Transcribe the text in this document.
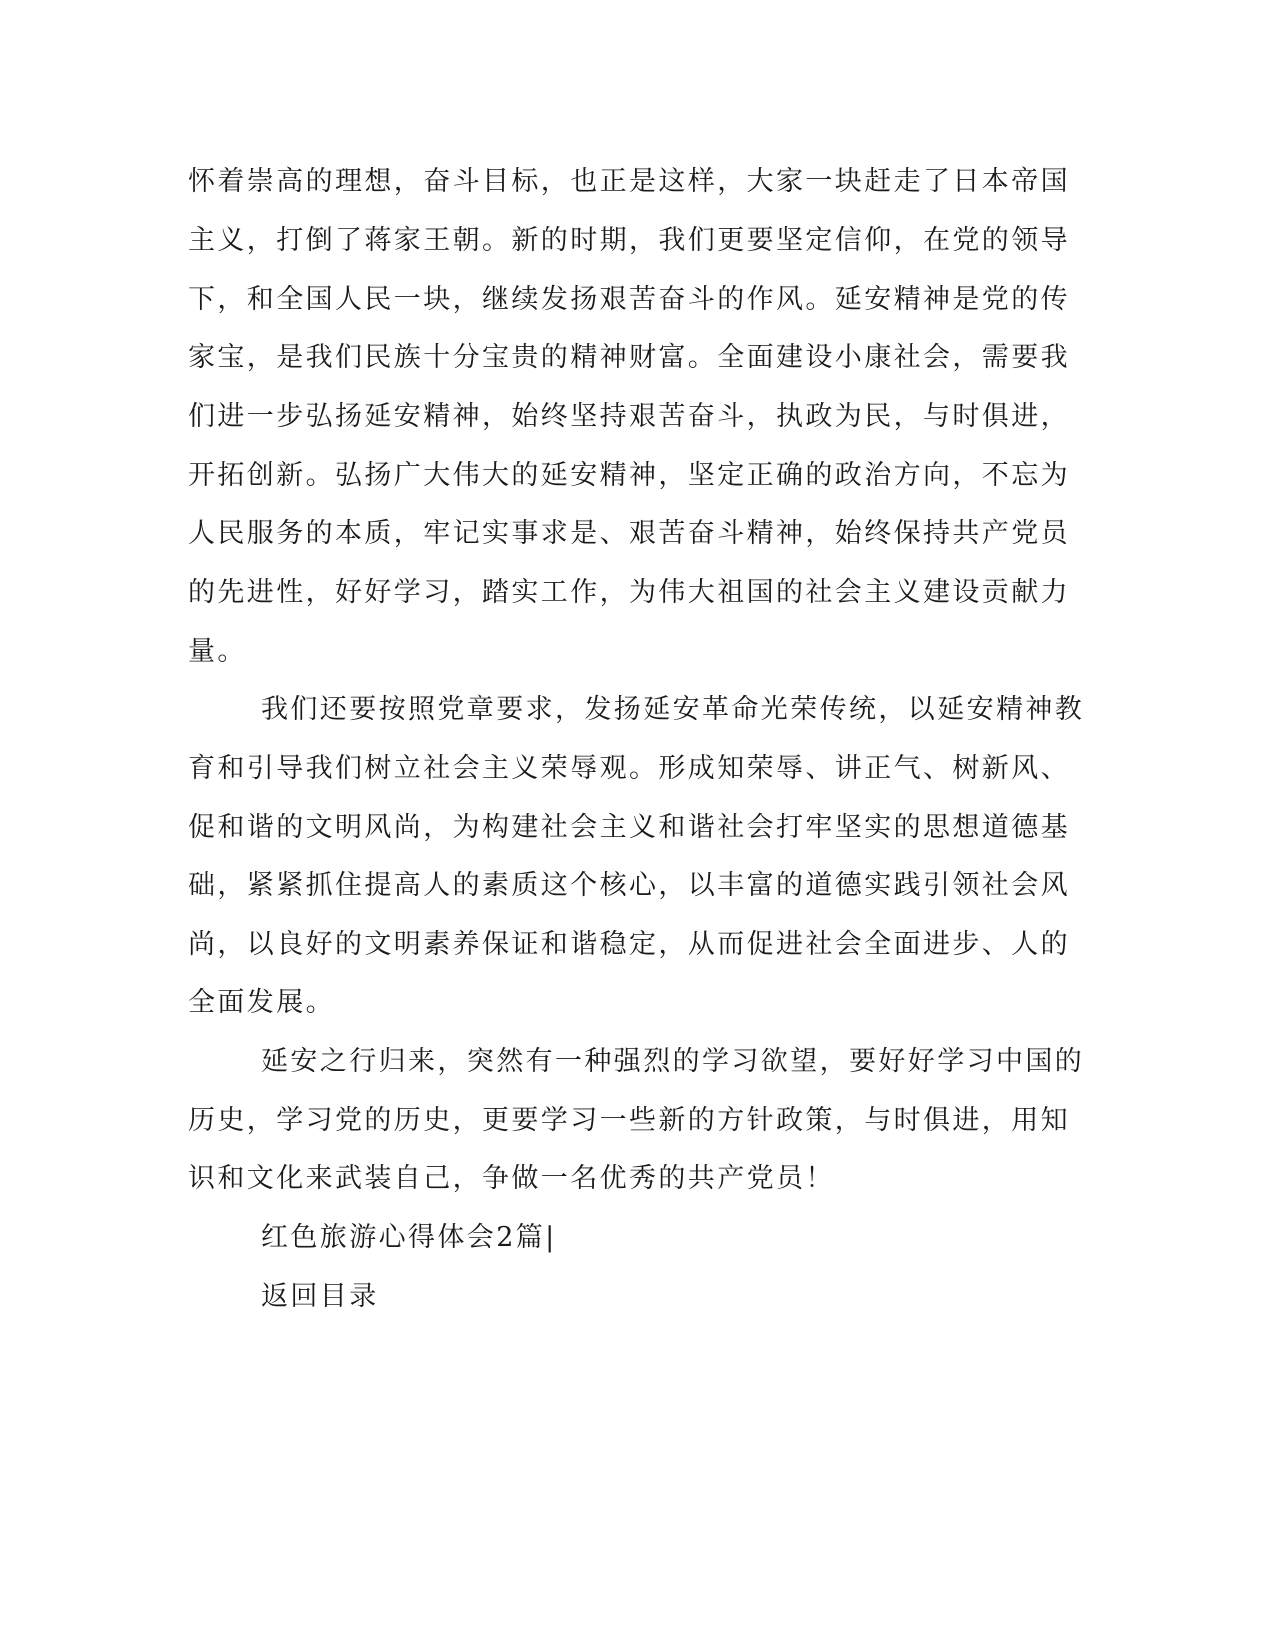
怀着崇高的理想，奋斗目标，也正是这样，大家一块赶走了日本帝国
主义，打倒了蒋家王朝。新的时期，我们更要坚定信仰，在党的领导
下，和全国人民一块，继续发扬艰苦奋斗的作风。延安精神是党的传
家宝，是我们民族十分宝贵的精神财富。全面建设小康社会，需要我
们进一步弘扬延安精神，始终坚持艰苦奋斗，执政为民，与时俱进，
开拓创新。弘扬广大伟大的延安精神，坚定正确的政治方向，不忘为
人民服务的本质，牢记实事求是、艰苦奋斗精神，始终保持共产党员
的先进性，好好学习，踏实工作，为伟大祖国的社会主义建设贡献力
量。
我们还要按照党章要求，发扬延安革命光荣传统，以延安精神教
育和引导我们树立社会主义荣辱观。形成知荣辱、讲正气、树新风、
促和谐的文明风尚，为构建社会主义和谐社会打牢坚实的思想道德基
础，紧紧抓住提高人的素质这个核心，以丰富的道德实践引领社会风
尚，以良好的文明素养保证和谐稳定，从而促进社会全面进步、人的
全面发展。
延安之行归来，突然有一种强烈的学习欲望，要好好学习中国的
历史，学习党的历史，更要学习一些新的方针政策，与时俱进，用知
识和文化来武装自己，争做一名优秀的共产党员！
红色旅游心得体会2篇|
返回目录
